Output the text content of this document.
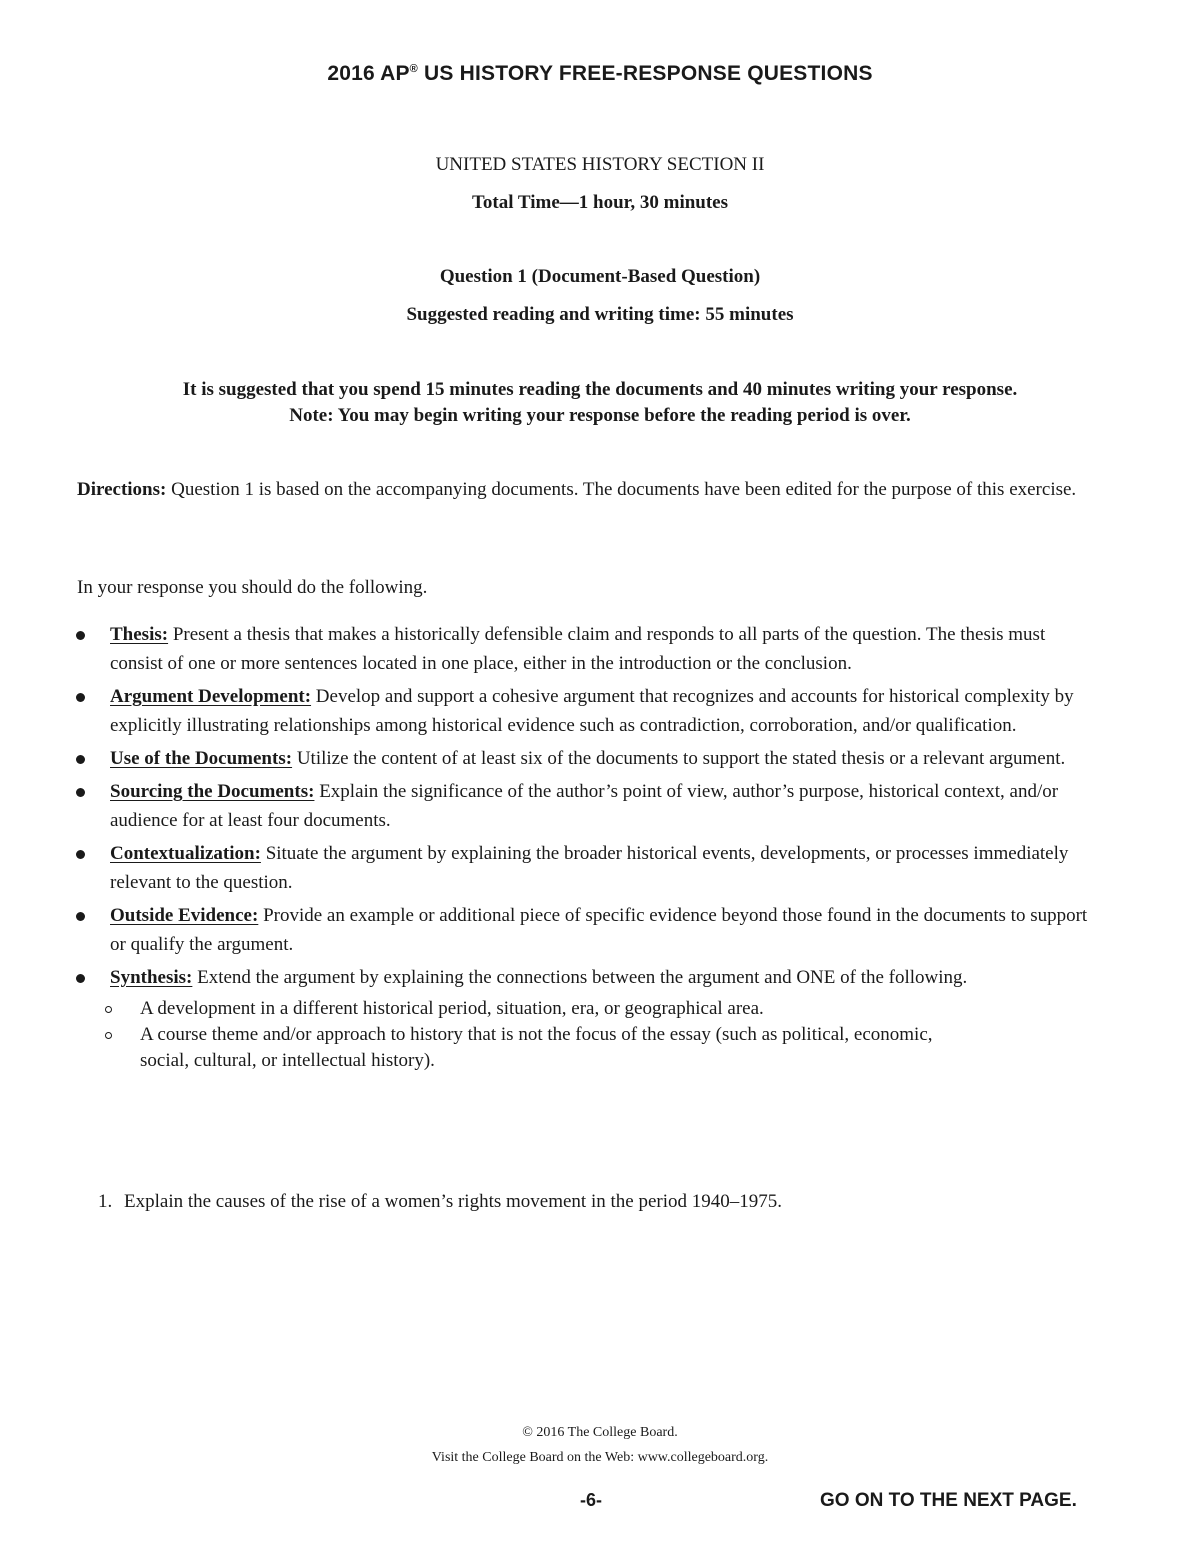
2016 AP® US HISTORY FREE-RESPONSE QUESTIONS
UNITED STATES HISTORY SECTION II
Total Time—1 hour, 30 minutes
Question 1 (Document-Based Question)
Suggested reading and writing time: 55 minutes
It is suggested that you spend 15 minutes reading the documents and 40 minutes writing your response.
Note: You may begin writing your response before the reading period is over.
Directions: Question 1 is based on the accompanying documents. The documents have been edited for the purpose of this exercise.
In your response you should do the following.
Thesis: Present a thesis that makes a historically defensible claim and responds to all parts of the question. The thesis must consist of one or more sentences located in one place, either in the introduction or the conclusion.
Argument Development: Develop and support a cohesive argument that recognizes and accounts for historical complexity by explicitly illustrating relationships among historical evidence such as contradiction, corroboration, and/or qualification.
Use of the Documents: Utilize the content of at least six of the documents to support the stated thesis or a relevant argument.
Sourcing the Documents: Explain the significance of the author’s point of view, author’s purpose, historical context, and/or audience for at least four documents.
Contextualization: Situate the argument by explaining the broader historical events, developments, or processes immediately relevant to the question.
Outside Evidence: Provide an example or additional piece of specific evidence beyond those found in the documents to support or qualify the argument.
Synthesis: Extend the argument by explaining the connections between the argument and ONE of the following.
A development in a different historical period, situation, era, or geographical area.
A course theme and/or approach to history that is not the focus of the essay (such as political, economic, social, cultural, or intellectual history).
1. Explain the causes of the rise of a women’s rights movement in the period 1940–1975.
© 2016 The College Board.
Visit the College Board on the Web: www.collegeboard.org.
-6-	GO ON TO THE NEXT PAGE.
